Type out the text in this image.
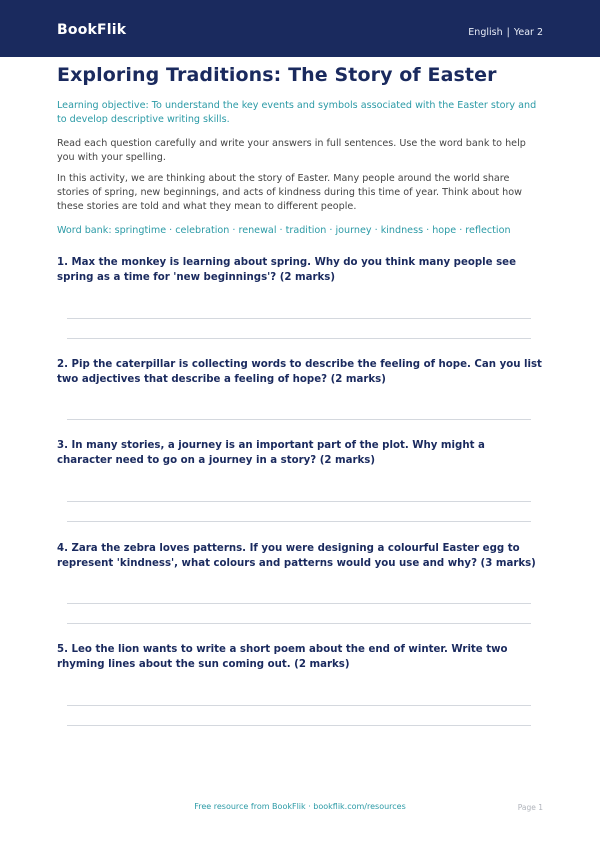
BookFlik	English | Year 2
Exploring Traditions: The Story of Easter

Learning objective: To understand the key events and symbols associated with the Easter story and to develop descriptive writing skills.

Read each question carefully and write your answers in full sentences. Use the word bank to help you with your spelling.

In this activity, we are thinking about the story of Easter. Many people around the world share stories of spring, new beginnings, and acts of kindness during this time of year. Think about how these stories are told and what they mean to different people.

Word bank: springtime · celebration · renewal · tradition · journey · kindness · hope · reflection

1. Max the monkey is learning about spring. Why do you think many people see spring as a time for 'new beginnings'? (2 marks)

2. Pip the caterpillar is collecting words to describe the feeling of hope. Can you list two adjectives that describe a feeling of hope? (2 marks)

3. In many stories, a journey is an important part of the plot. Why might a character need to go on a journey in a story? (2 marks)

4. Zara the zebra loves patterns. If you were designing a colourful Easter egg to represent 'kindness', what colours and patterns would you use and why? (3 marks)

5. Leo the lion wants to write a short poem about the end of winter. Write two rhyming lines about the sun coming out. (2 marks)

Free resource from BookFlik · bookflik.com/resources	Page 1
